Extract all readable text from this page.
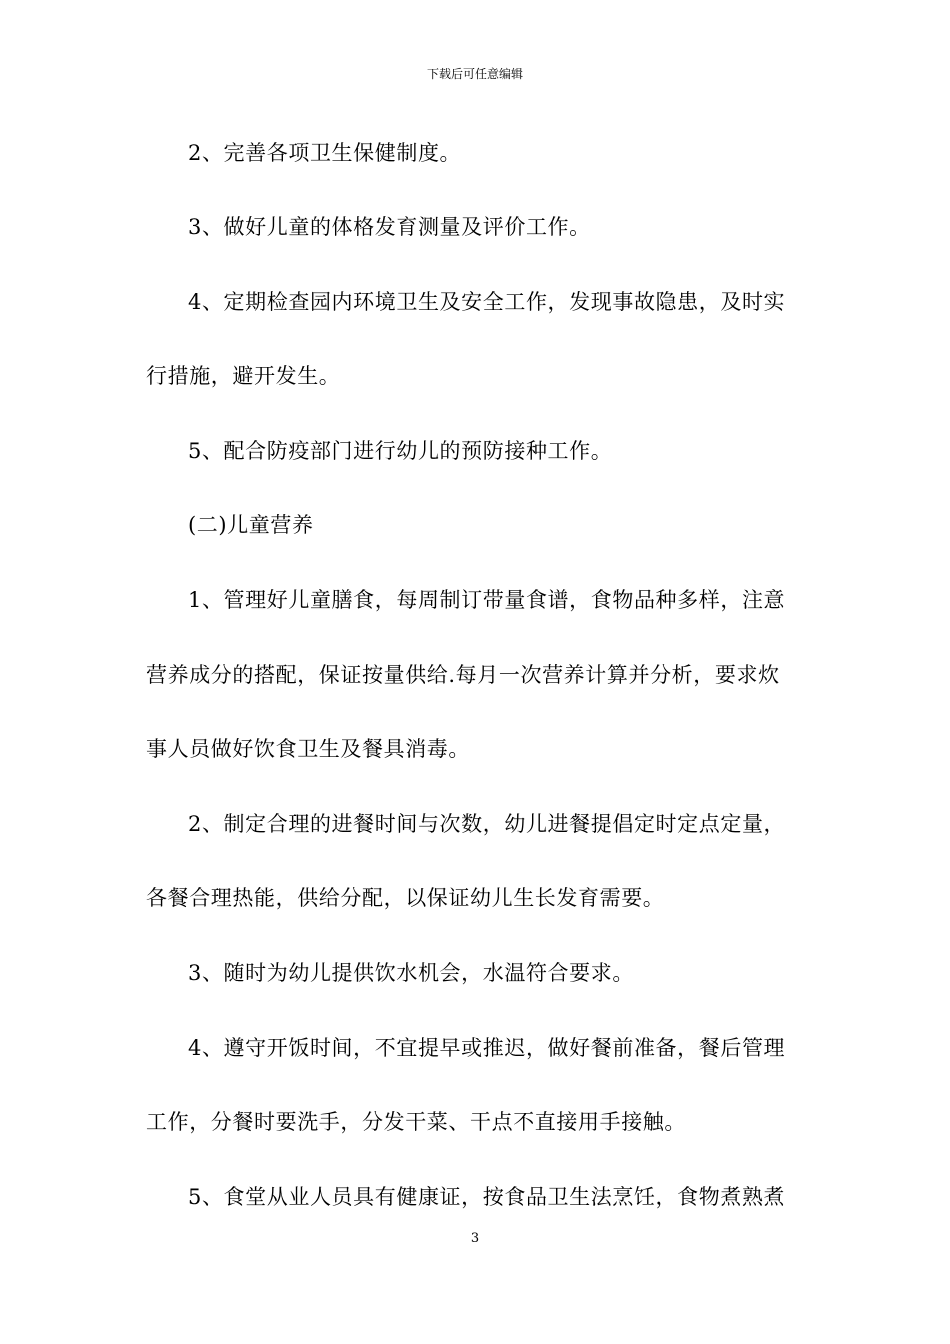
下载后可任意编辑
2、完善各项卫生保健制度。
3、做好儿童的体格发育测量及评价工作。
4、定期检查园内环境卫生及安全工作，发现事故隐患，及时实
行措施，避开发生。
5、配合防疫部门进行幼儿的预防接种工作。
(二)儿童营养
1、管理好儿童膳食，每周制订带量食谱，食物品种多样，注意
营养成分的搭配，保证按量供给.每月一次营养计算并分析，要求炊
事人员做好饮食卫生及餐具消毒。
2、制定合理的进餐时间与次数，幼儿进餐提倡定时定点定量，
各餐合理热能，供给分配，以保证幼儿生长发育需要。
3、随时为幼儿提供饮水机会，水温符合要求。
4、遵守开饭时间，不宜提早或推迟，做好餐前准备，餐后管理
工作，分餐时要洗手，分发干菜、干点不直接用手接触。
5、食堂从业人员具有健康证，按食品卫生法烹饪，食物煮熟煮
3
